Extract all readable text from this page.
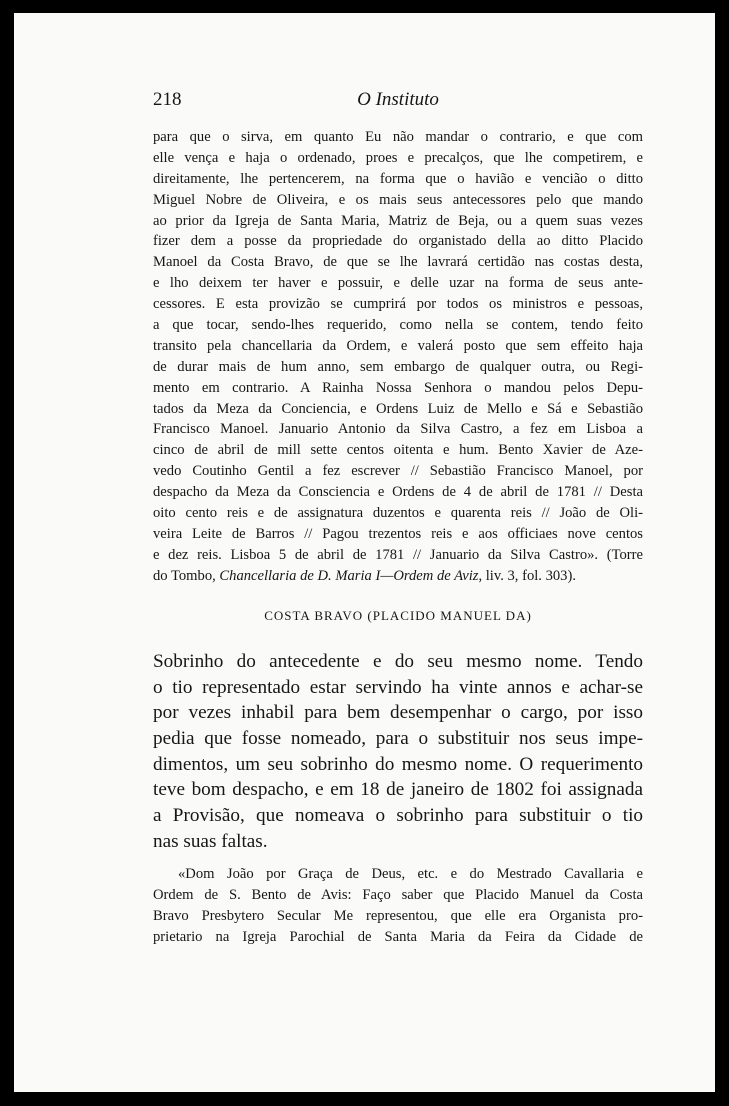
218	O Instituto
para que o sirva, em quanto Eu não mandar o contrario, e que com
elle vença e haja o ordenado, proes e precalços, que lhe competirem, e
direitamente, lhe pertencerem, na forma que o havião e vencião o ditto
Miguel Nobre de Oliveira, e os mais seus antecessores pelo que mando
ao prior da Igreja de Santa Maria, Matriz de Beja, ou a quem suas vezes
fizer dem a posse da propriedade do organistado della ao ditto Placido
Manoel da Costa Bravo, de que se lhe lavrará certidão nas costas desta,
e lho deixem ter haver e possuir, e delle uzar na forma de seus ante-
cessores. E esta provizão se cumprirá por todos os ministros e pessoas,
a que tocar, sendo-lhes requerido, como nella se contem, tendo feito
transito pela chancellaria da Ordem, e valerá posto que sem effeito haja
de durar mais de hum anno, sem embargo de qualquer outra, ou Regi-
mento em contrario. A Rainha Nossa Senhora o mandou pelos Depu-
tados da Meza da Conciencia, e Ordens Luiz de Mello e Sá e Sebastião
Francisco Manoel. Januario Antonio da Silva Castro, a fez em Lisboa a
cinco de abril de mill sette centos oitenta e hum. Bento Xavier de Aze-
vedo Coutinho Gentil a fez escrever // Sebastião Francisco Manoel, por
despacho da Meza da Consciencia e Ordens de 4 de abril de 1781 // Desta
oito cento reis e de assignatura duzentos e quarenta reis // João de Oli-
veira Leite de Barros // Pagou trezentos reis e aos officiaes nove centos
e dez reis. Lisboa 5 de abril de 1781 // Januario da Silva Castro». (Torre
do Tombo, Chancellaria de D. Maria I—Ordem de Aviz, liv. 3, fol. 303).
COSTA BRAVO (PLACIDO MANUEL DA)
Sobrinho do antecedente e do seu mesmo nome. Tendo
o tio representado estar servindo ha vinte annos e achar-se
por vezes inhabil para bem desempenhar o cargo, por isso
pedia que fosse nomeado, para o substituir nos seus impe-
dimentos, um seu sobrinho do mesmo nome. O requerimento
teve bom despacho, e em 18 de janeiro de 1802 foi assignada
a Provisão, que nomeava o sobrinho para substituir o tio
nas suas faltas.
«Dom João por Graça de Deus, etc. e do Mestrado Cavallaria e
Ordem de S. Bento de Avis: Faço saber que Placido Manuel da Costa
Bravo Presbytero Secular Me representou, que elle era Organista pro-
prietario na Igreja Parochial de Santa Maria da Feira da Cidade de
